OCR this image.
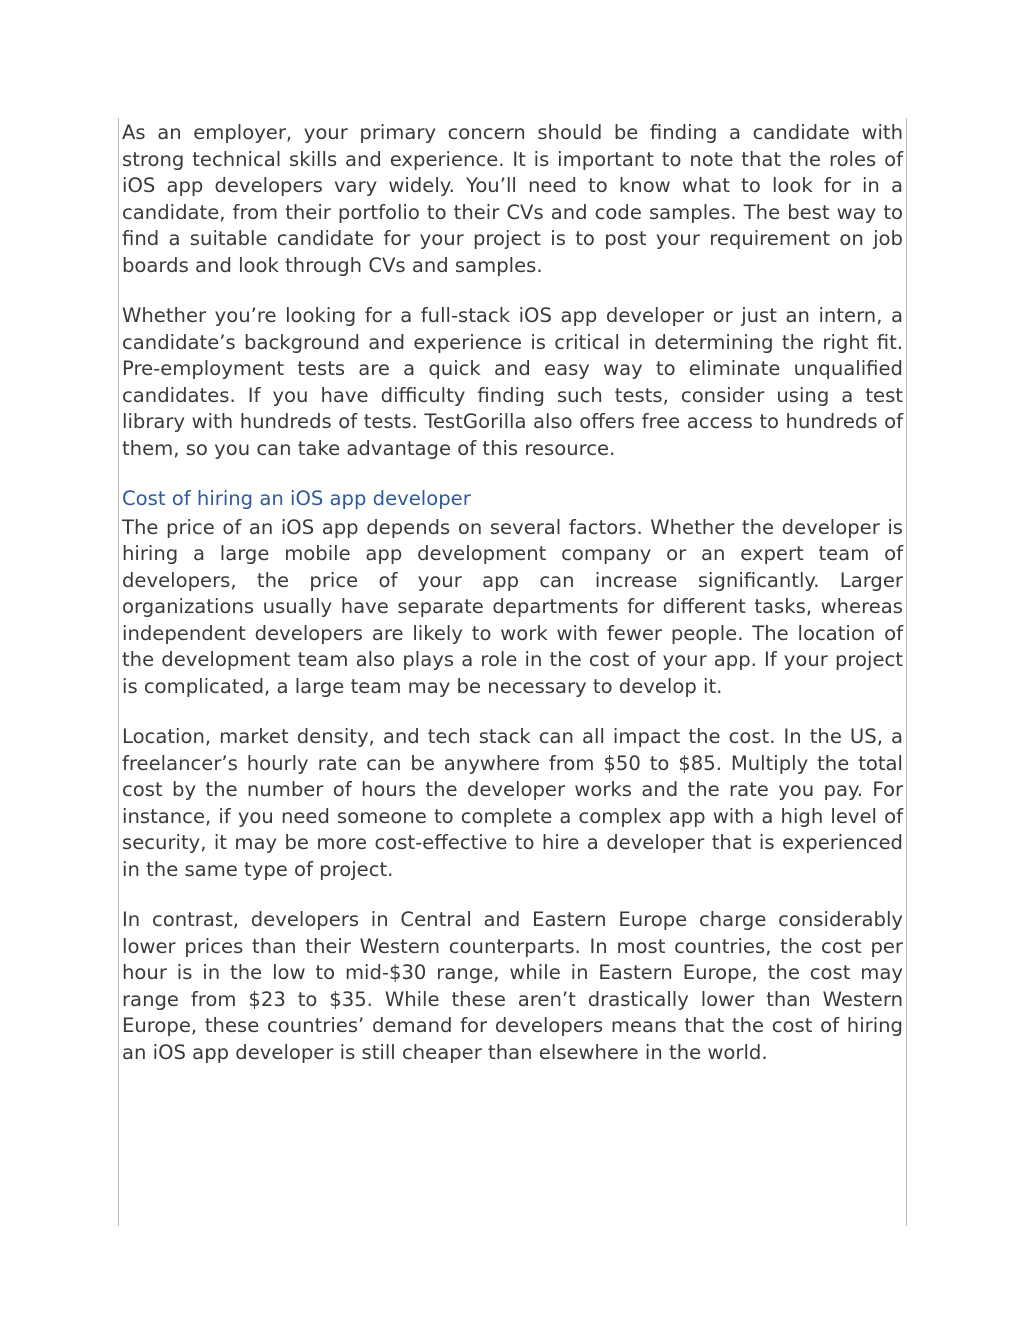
As an employer, your primary concern should be finding a candidate with strong technical skills and experience. It is important to note that the roles of iOS app developers vary widely. You’ll need to know what to look for in a candidate, from their portfolio to their CVs and code samples. The best way to find a suitable candidate for your project is to post your requirement on job boards and look through CVs and samples.

Whether you’re looking for a full-stack iOS app developer or just an intern, a candidate’s background and experience is critical in determining the right fit. Pre-employment tests are a quick and easy way to eliminate unqualified candidates. If you have difficulty finding such tests, consider using a test library with hundreds of tests. TestGorilla also offers free access to hundreds of them, so you can take advantage of this resource.

Cost of hiring an iOS app developer

The price of an iOS app depends on several factors. Whether the developer is hiring a large mobile app development company or an expert team of developers, the price of your app can increase significantly. Larger organizations usually have separate departments for different tasks, whereas independent developers are likely to work with fewer people. The location of the development team also plays a role in the cost of your app. If your project is complicated, a large team may be necessary to develop it.

Location, market density, and tech stack can all impact the cost. In the US, a freelancer’s hourly rate can be anywhere from $50 to $85. Multiply the total cost by the number of hours the developer works and the rate you pay. For instance, if you need someone to complete a complex app with a high level of security, it may be more cost-effective to hire a developer that is experienced in the same type of project.

In contrast, developers in Central and Eastern Europe charge considerably lower prices than their Western counterparts. In most countries, the cost per hour is in the low to mid-$30 range, while in Eastern Europe, the cost may range from $23 to $35. While these aren’t drastically lower than Western Europe, these countries’ demand for developers means that the cost of hiring an iOS app developer is still cheaper than elsewhere in the world.
